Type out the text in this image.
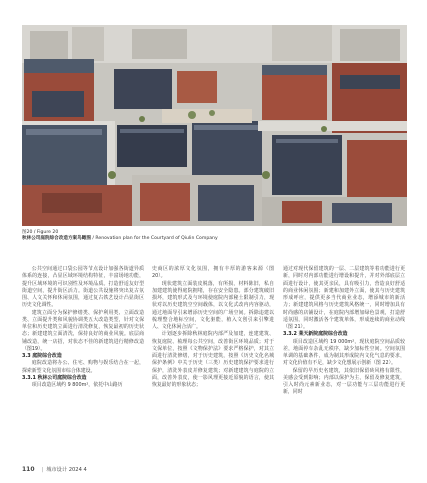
图20 / Figure 20
秋林公司庭院综合改造方案鸟瞰图 / Renovation plan for the Courtyard of Qiulin Company

公共空间通过口袋公园等节点设计加强各街道异质体系的连接，凸显区域环境结构特征，丰富场地功能，提升区域环境的可识别性及环境品质。打造舒适友好型街道空间，提升街区活力。街道公共设施将突出复古氛围、人文关怀和休闲氛围，通过复古铁艺设计凸显街区历史文化调性。

建筑立面分为保护修缮类、保护利用类、立面改造类、立面提升类和风貌协调类五大改造类型，针对文保单位和历史建筑立面进行清洗修复，恢复最初的历史状态；新建建筑立面清洗，保持良好的商业风貌。底层商铺改造，统一店招，对状态不佳的新建筑进行精修改造（图19）。

3.3 庭院综合改造

庭院改造将办公、住宅、购物与娱乐结合在一起，探索新型文化氛围市综合体建设。

3.3.1 秋林公司庭院综合改造

项目改造区域约 9 800m²，依托中山路历

史商区的浓厚文化氛围，拥有丰厚的游客来源（图 20）。

现状建筑立面装皮脱落，有所损，材料陈旧，私自加建建筑使得庭院拥堵，存在安全隐患。部分建筑破旧损坏，建筑形式及与环境使庭院内部秘土限制引力，现状对以历史建筑空空间载体，以文化式改内内容驱动，通过地面导引来增添历史空间的广场空间。拆除违建以梳理整合地标空间，文化驱能，植入文创引来引擎进人、文化休闲合活广。

计划逐步拆除秋林庭院内部严及加建，连建建筑、恢复庭院、梳理每公共空间，改善街区环境品质；对于文保单位，按照《文物保护法》要求严格保护，对其立面进行清洗修缮，对于历史建筑，按照《历史文化名城保护条例》中关于历史（三类）历史建筑保护要求进行保护，清洗外表皮并修复建筑；对新建建筑与庭院的立面，改善外表皮，使一影风理更接近原貌的语言，使其恢复最好的形象状态；

通过对现代保留建筑的一层、二层建筑等着功能进行更新，同时对内部功能进行增设和提升，并对外部底层立面进行设计，使其更亲民，具有吸引力，营造良好舒适的商业休闲氛围；新建和加建外立面，使其与历史建筑形成呼应，提供更多当代商业业态，增添城市的新活力；新建建筑风格与历史建筑风格统一，同时增加具有时尚感的店铺设计，在庭院内部增加绿色景观，打造舒适氛围，同时激活各个建筑单体，形成连续的商业动线（图 21）。

3.3.2 莱天新院庭院综合改造

项目改造区域约 19 000m²，现状庭院空间品质较差，地面停车杂乱无秩序，缺少加标性空间。空间氛围单调的基础条件，成为制其形成院内文化气息的要求，对文化价值有不足，缺少文化想展示创新（图 22）。

保留的早历史名建筑，其依旧保留砖风格有限性，美感会受到影响；内部以保护为主，保留及修复建筑，引入时尚元素新业态，对一层功能与三层功能进行更新，同时

110 | 城市设计 2024 4
